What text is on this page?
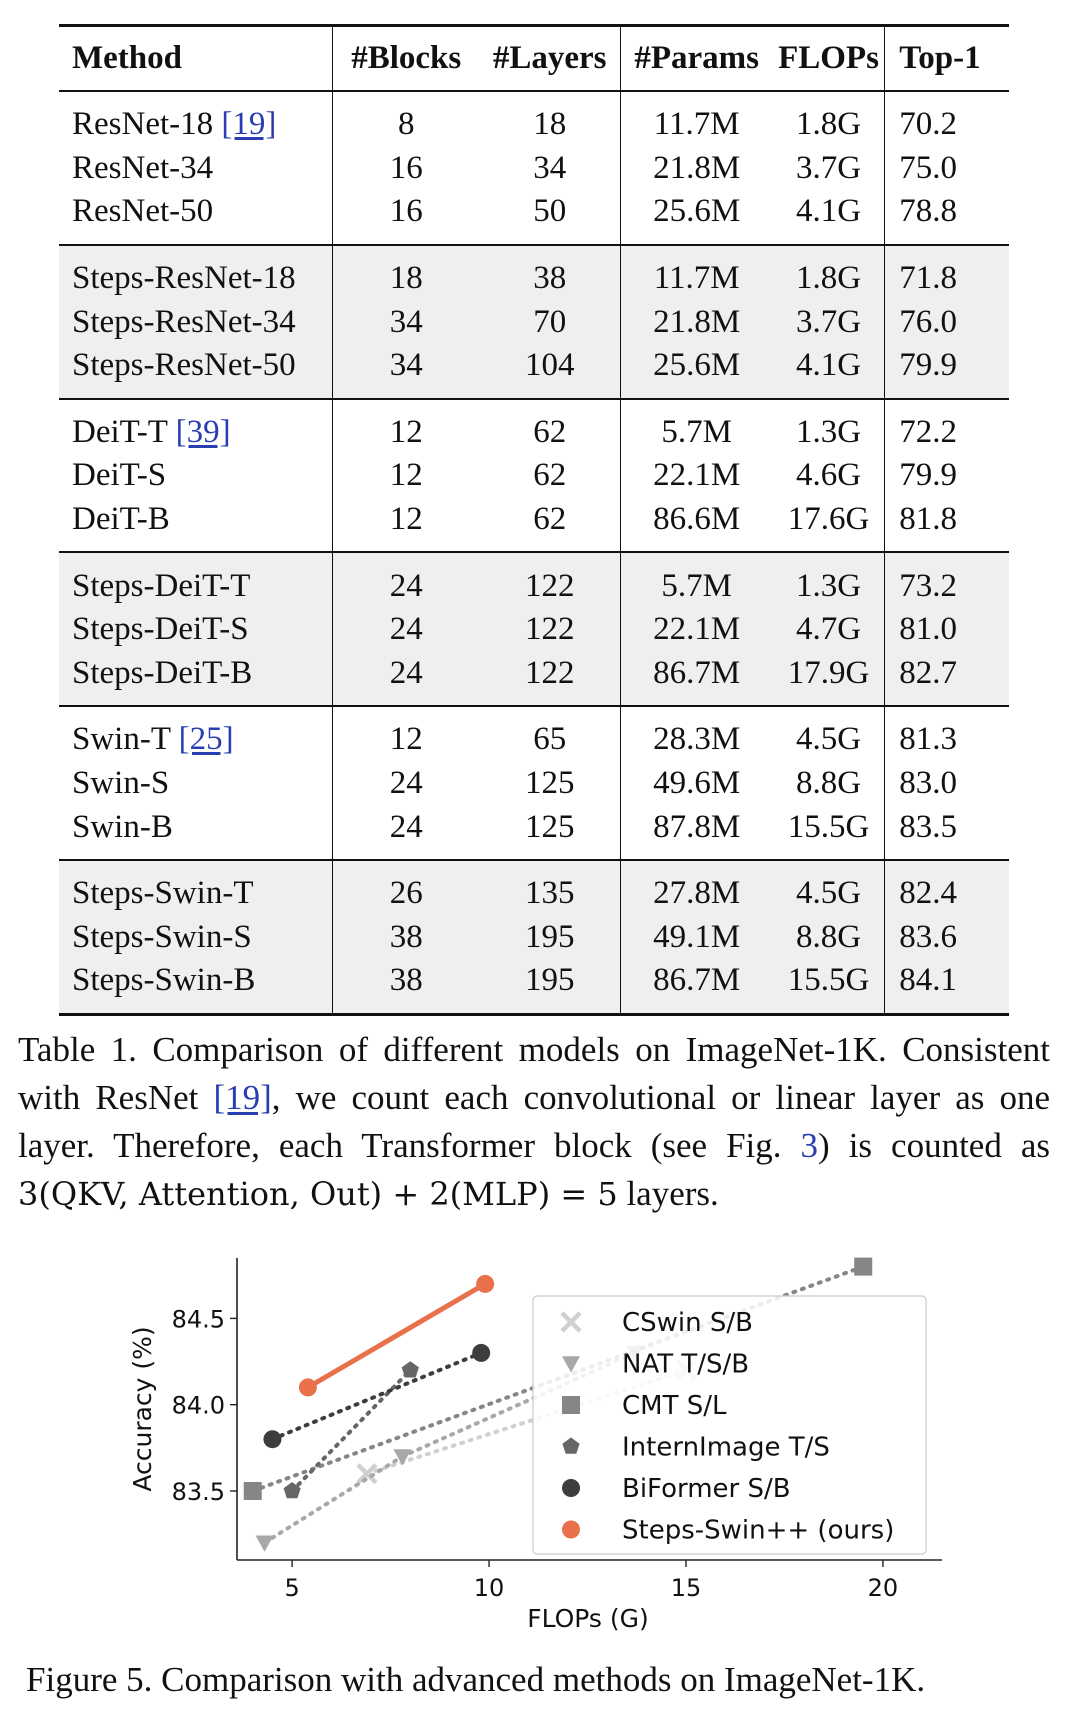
Method	#Blocks	#Layers	#Params	FLOPs	Top-1
ResNet-18 [19]	8	18	11.7M	1.8G	70.2
ResNet-34	16	34	21.8M	3.7G	75.0
ResNet-50	16	50	25.6M	4.1G	78.8
Steps-ResNet-18	18	38	11.7M	1.8G	71.8
Steps-ResNet-34	34	70	21.8M	3.7G	76.0
Steps-ResNet-50	34	104	25.6M	4.1G	79.9
DeiT-T [39]	12	62	5.7M	1.3G	72.2
DeiT-S	12	62	22.1M	4.6G	79.9
DeiT-B	12	62	86.6M	17.6G	81.8
Steps-DeiT-T	24	122	5.7M	1.3G	73.2
Steps-DeiT-S	24	122	22.1M	4.7G	81.0
Steps-DeiT-B	24	122	86.7M	17.9G	82.7
Swin-T [25]	12	65	28.3M	4.5G	81.3
Swin-S	24	125	49.6M	8.8G	83.0
Swin-B	24	125	87.8M	15.5G	83.5
Steps-Swin-T	26	135	27.8M	4.5G	82.4
Steps-Swin-S	38	195	49.1M	8.8G	83.6
Steps-Swin-B	38	195	86.7M	15.5G	84.1
Table 1. Comparison of different models on ImageNet-1K. Consistent with ResNet [19], we count each convolutional or linear layer as one layer. Therefore, each Transformer block (see Fig. 3) is counted as 3(QKV, Attention, Out) + 2(MLP) = 5 layers.
5	10	15	20
83.5
84.0
84.5
FLOPs (G)
Accuracy (%)
CSwin S/B
NAT T/S/B
CMT S/L
InternImage T/S
BiFormer S/B
Steps-Swin++ (ours)
Figure 5. Comparison with advanced methods on ImageNet-1K.
